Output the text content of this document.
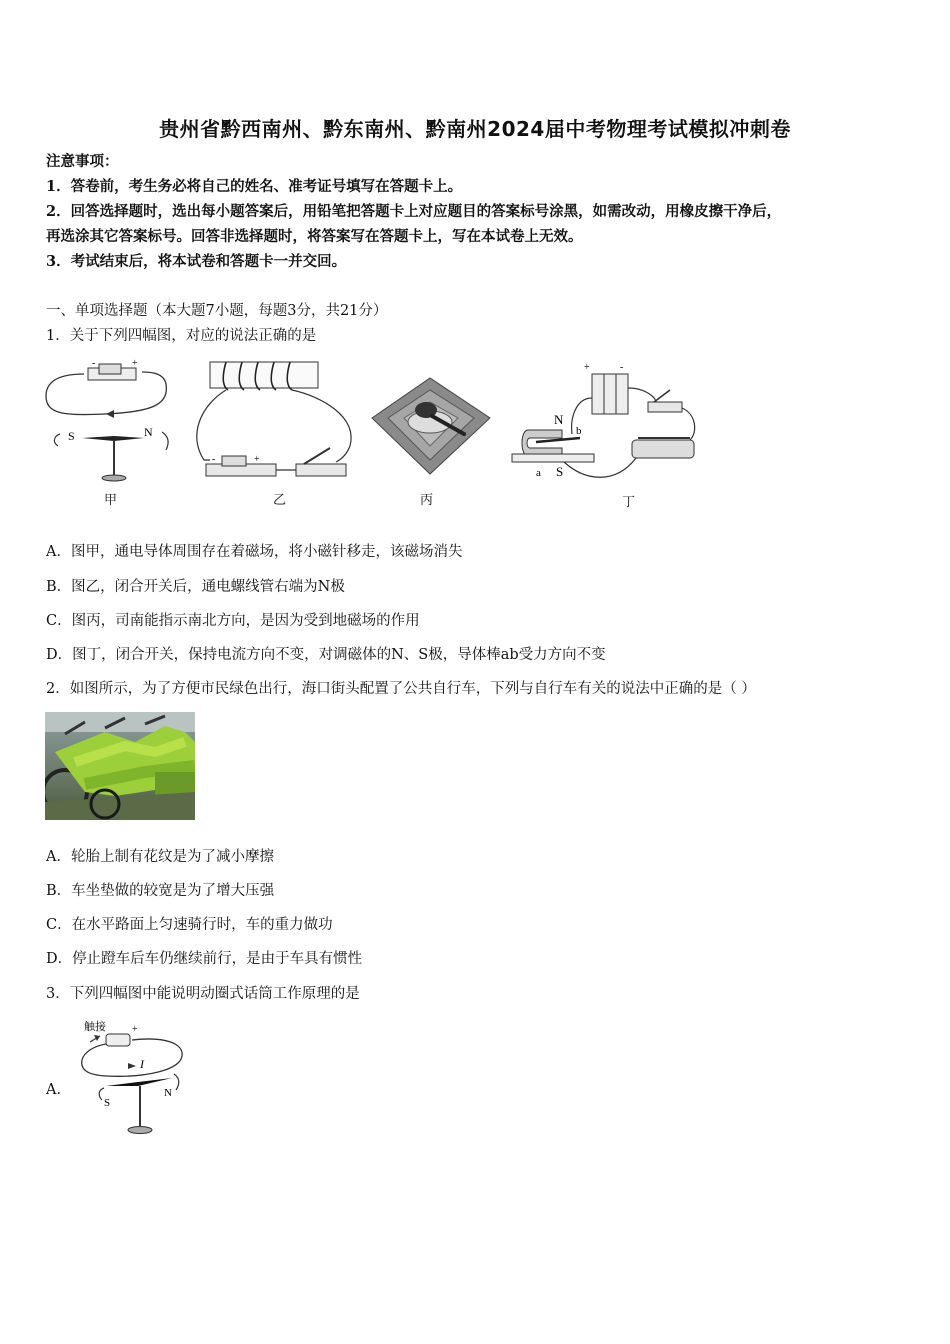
贵州省黔西南州、黔东南州、黔南州2024届中考物理考试模拟冲刺卷
注意事项：
1．答卷前，考生务必将自己的姓名、准考证号填写在答题卡上。
2．回答选择题时，选出每小题答案后，用铅笔把答题卡上对应题目的答案标号涂黑，如需改动，用橡皮擦干净后，
再选涂其它答案标号。回答非选择题时，将答案写在答题卡上，写在本试卷上无效。
3．考试结束后，将本试卷和答题卡一并交回。
一、单项选择题（本大题7小题，每题3分，共21分）
1．关于下列四幅图，对应的说法正确的是
-	+
S	N
甲
-	+
乙	丙
+	-
N
b
a S
丁
A．图甲，通电导体周围存在着磁场，将小磁针移走，该磁场消失
B．图乙，闭合开关后，通电螺线管右端为N极
C．图丙，司南能指示南北方向，是因为受到地磁场的作用
D．图丁，闭合开关，保持电流方向不变，对调磁体的N、S极，导体棒ab受力方向不变
2．如图所示，为了方便市民绿色出行，海口街头配置了公共自行车，下列与自行车有关的说法中正确的是（ ）
A．轮胎上制有花纹是为了减小摩擦
B．车坐垫做的较宽是为了增大压强
C．在水平路面上匀速骑行时，车的重力做功
D．停止蹬车后车仍继续前行，是由于车具有惯性
3．下列四幅图中能说明动圈式话筒工作原理的是
A．
触接	+
I
S
N
